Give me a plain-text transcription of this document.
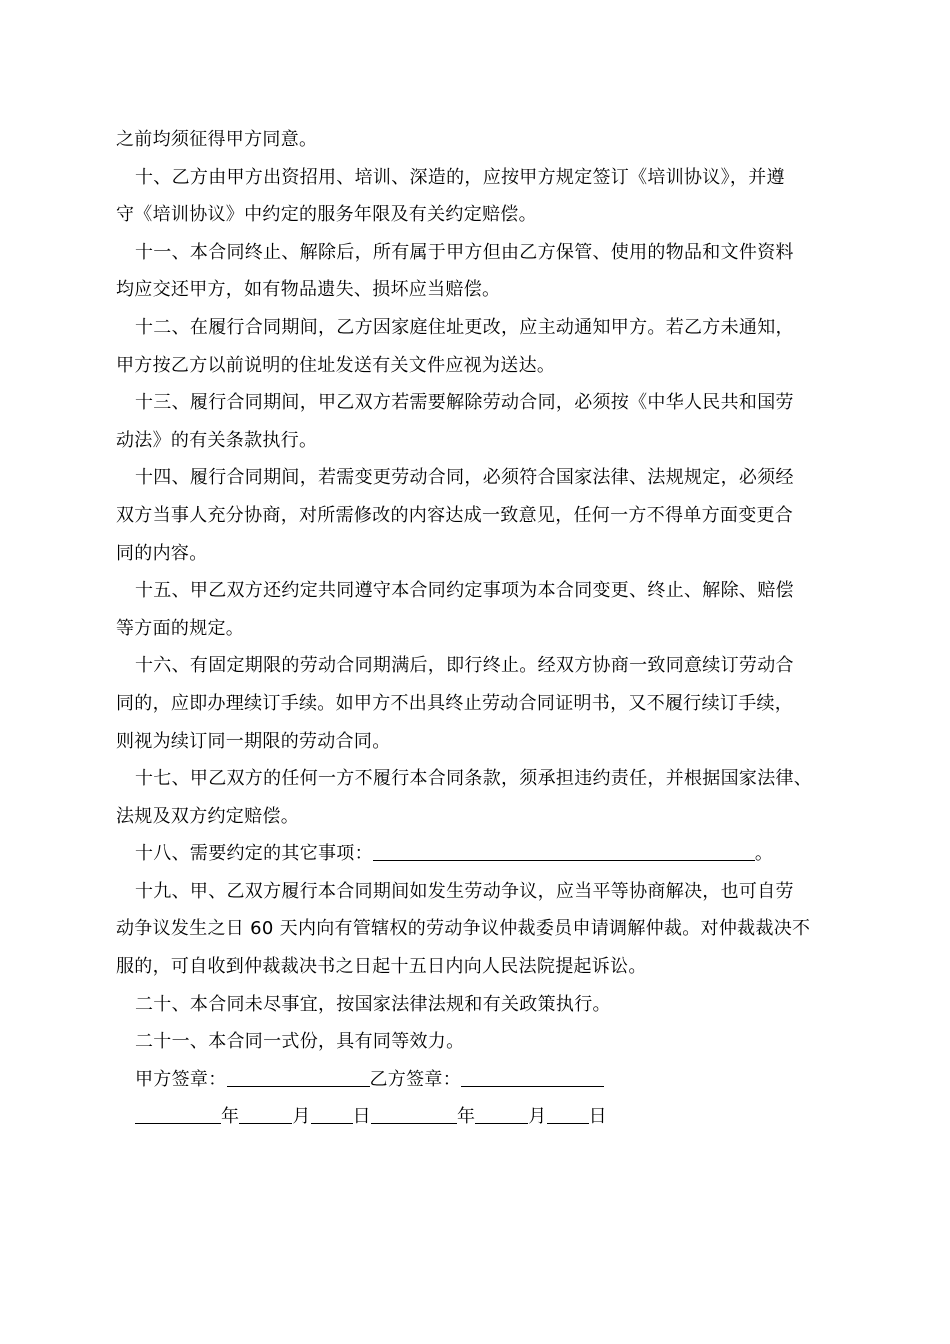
之前均须征得甲方同意。
十、乙方由甲方出资招用、培训、深造的，应按甲方规定签订《培训协议》，并遵
守《培训协议》中约定的服务年限及有关约定赔偿。
十一、本合同终止、解除后，所有属于甲方但由乙方保管、使用的物品和文件资料
均应交还甲方，如有物品遗失、损坏应当赔偿。
十二、在履行合同期间，乙方因家庭住址更改，应主动通知甲方。若乙方未通知，
甲方按乙方以前说明的住址发送有关文件应视为送达。
十三、履行合同期间，甲乙双方若需要解除劳动合同，必须按《中华人民共和国劳
动法》的有关条款执行。
十四、履行合同期间，若需变更劳动合同，必须符合国家法律、法规规定，必须经
双方当事人充分协商，对所需修改的内容达成一致意见，任何一方不得单方面变更合
同的内容。
十五、甲乙双方还约定共同遵守本合同约定事项为本合同变更、终止、解除、赔偿
等方面的规定。
十六、有固定期限的劳动合同期满后，即行终止。经双方协商一致同意续订劳动合
同的，应即办理续订手续。如甲方不出具终止劳动合同证明书，又不履行续订手续，
则视为续订同一期限的劳动合同。
十七、甲乙双方的任何一方不履行本合同条款，须承担违约责任，并根据国家法律、
法规及双方约定赔偿。
十八、需要约定的其它事项：	。
十九、甲、乙双方履行本合同期间如发生劳动争议，应当平等协商解决，也可自劳
动争议发生之日 60 天内向有管辖权的劳动争议仲裁委员申请调解仲裁。对仲裁裁决不
服的，可自收到仲裁裁决书之日起十五日内向人民法院提起诉讼。
二十、本合同未尽事宜，按国家法律法规和有关政策执行。
二十一、本合同一式份，具有同等效力。
甲方签章：	乙方签章：
年	月 日	年	月 日
